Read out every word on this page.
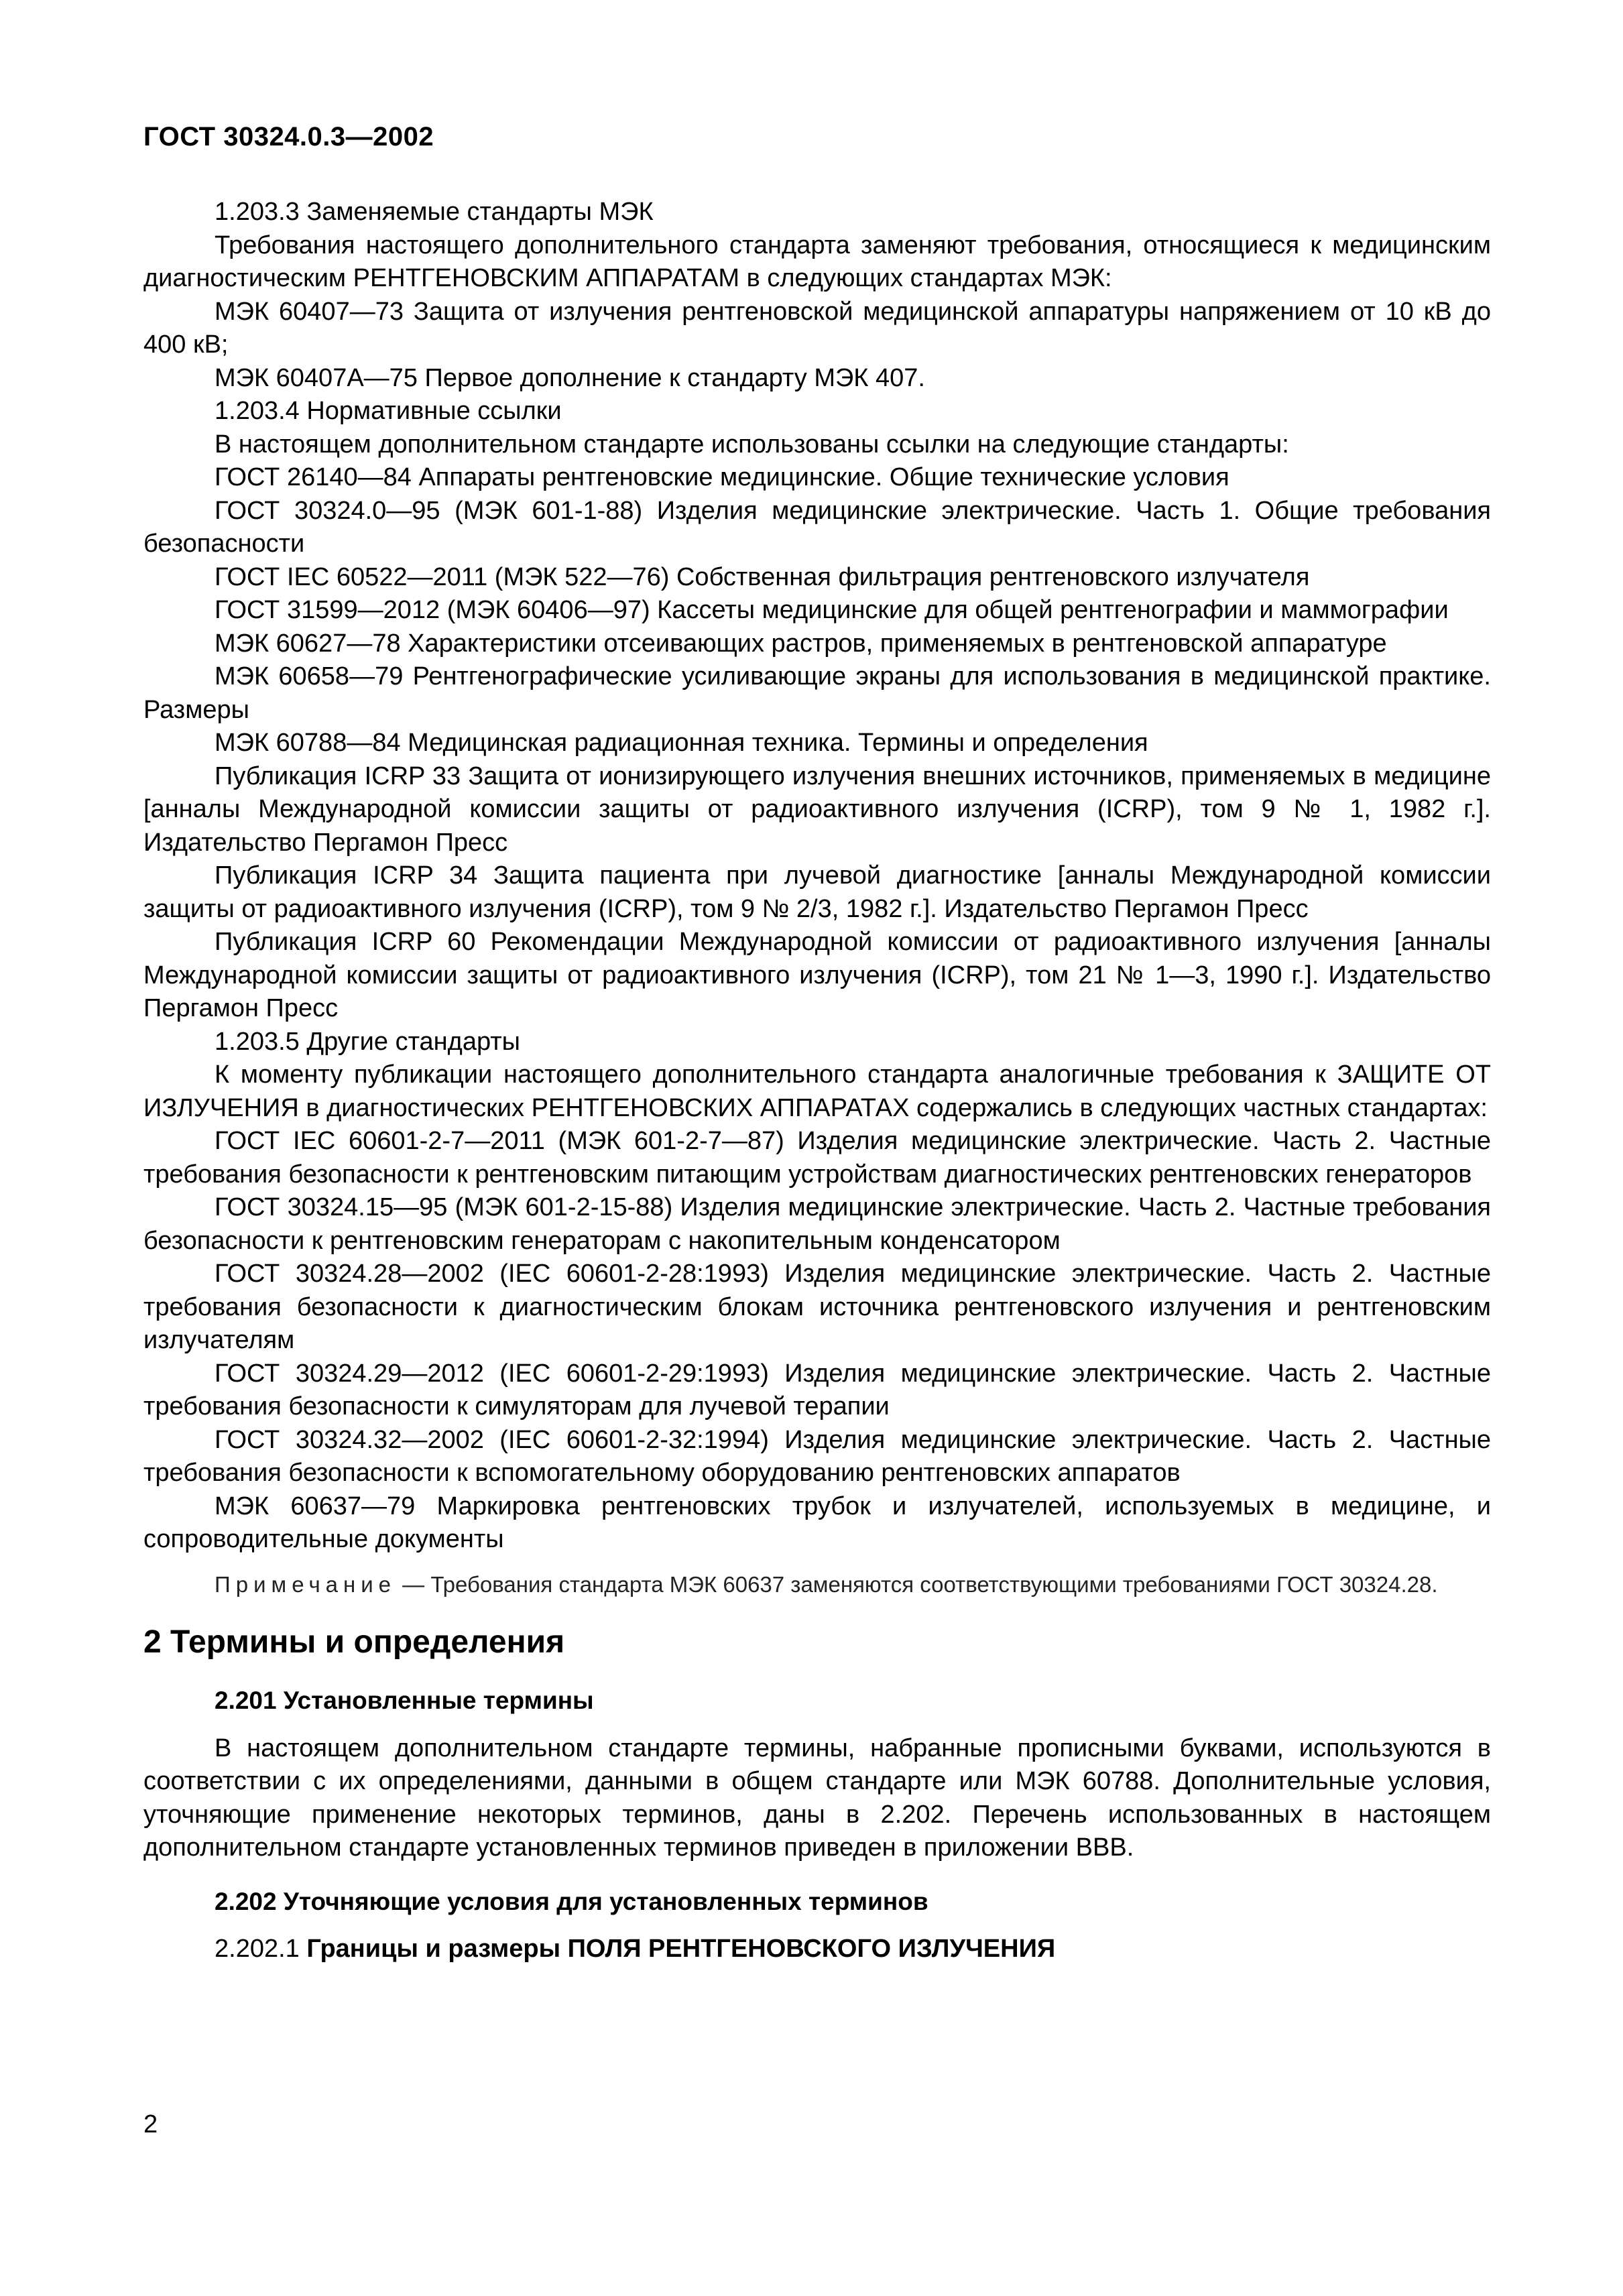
ГОСТ 30324.0.3—2002

1.203.3 Заменяемые стандарты МЭК

Требования настоящего дополнительного стандарта заменяют требования, относящиеся к медицинским диагностическим РЕНТГЕНОВСКИМ АППАРАТАМ в следующих стандартах МЭК:

МЭК 60407—73 Защита от излучения рентгеновской медицинской аппаратуры напряжением от 10 кВ до 400 кВ;

МЭК 60407А—75 Первое дополнение к стандарту МЭК 407.

1.203.4 Нормативные ссылки

В настоящем дополнительном стандарте использованы ссылки на следующие стандарты:

ГОСТ 26140—84 Аппараты рентгеновские медицинские. Общие технические условия

ГОСТ 30324.0—95 (МЭК 601-1-88) Изделия медицинские электрические. Часть 1. Общие требования безопасности

ГОСТ IEC 60522—2011 (МЭК 522—76) Собственная фильтрация рентгеновского излучателя

ГОСТ 31599—2012 (МЭК 60406—97) Кассеты медицинские для общей рентгенографии и маммографии

МЭК 60627—78 Характеристики отсеивающих растров, применяемых в рентгеновской аппаратуре

МЭК 60658—79 Рентгенографические усиливающие экраны для использования в медицинской практике. Размеры

МЭК 60788—84 Медицинская радиационная техника. Термины и определения

Публикация ICRP 33 Защита от ионизирующего излучения внешних источников, применяемых в медицине [анналы Международной комиссии защиты от радиоактивного излучения (ICRP), том 9 № 1, 1982 г.]. Издательство Пергамон Пресс

Публикация ICRP 34 Защита пациента при лучевой диагностике [анналы Международной комиссии защиты от радиоактивного излучения (ICRP), том 9 № 2/3, 1982 г.]. Издательство Пергамон Пресс

Публикация ICRP 60 Рекомендации Международной комиссии от радиоактивного излучения [анналы Международной комиссии защиты от радиоактивного излучения (ICRP), том 21 № 1—3, 1990 г.]. Издательство Пергамон Пресс

1.203.5 Другие стандарты

К моменту публикации настоящего дополнительного стандарта аналогичные требования к ЗАЩИТЕ ОТ ИЗЛУЧЕНИЯ в диагностических РЕНТГЕНОВСКИХ АППАРАТАХ содержались в следующих частных стандартах:

ГОСТ IEC 60601-2-7—2011 (МЭК 601-2-7—87) Изделия медицинские электрические. Часть 2. Частные требования безопасности к рентгеновским питающим устройствам диагностических рентгеновских генераторов

ГОСТ 30324.15—95 (МЭК 601-2-15-88) Изделия медицинские электрические. Часть 2. Частные требования безопасности к рентгеновским генераторам с накопительным конденсатором

ГОСТ 30324.28—2002 (IEC 60601-2-28:1993) Изделия медицинские электрические. Часть 2. Частные требования безопасности к диагностическим блокам источника рентгеновского излучения и рентгеновским излучателям

ГОСТ 30324.29—2012 (IEC 60601-2-29:1993) Изделия медицинские электрические. Часть 2. Частные требования безопасности к симуляторам для лучевой терапии

ГОСТ 30324.32—2002 (IEC 60601-2-32:1994) Изделия медицинские электрические. Часть 2. Частные требования безопасности к вспомогательному оборудованию рентгеновских аппаратов

МЭК 60637—79 Маркировка рентгеновских трубок и излучателей, используемых в медицине, и сопроводительные документы

Примечание — Требования стандарта МЭК 60637 заменяются соответствующими требованиями ГОСТ 30324.28.

2 Термины и определения

2.201 Установленные термины

В настоящем дополнительном стандарте термины, набранные прописными буквами, используются в соответствии с их определениями, данными в общем стандарте или МЭК 60788. Дополнительные условия, уточняющие применение некоторых терминов, даны в 2.202. Перечень использованных в настоящем дополнительном стандарте установленных терминов приведен в приложении ВВВ.

2.202 Уточняющие условия для установленных терминов

2.202.1 Границы и размеры ПОЛЯ РЕНТГЕНОВСКОГО ИЗЛУЧЕНИЯ

2
